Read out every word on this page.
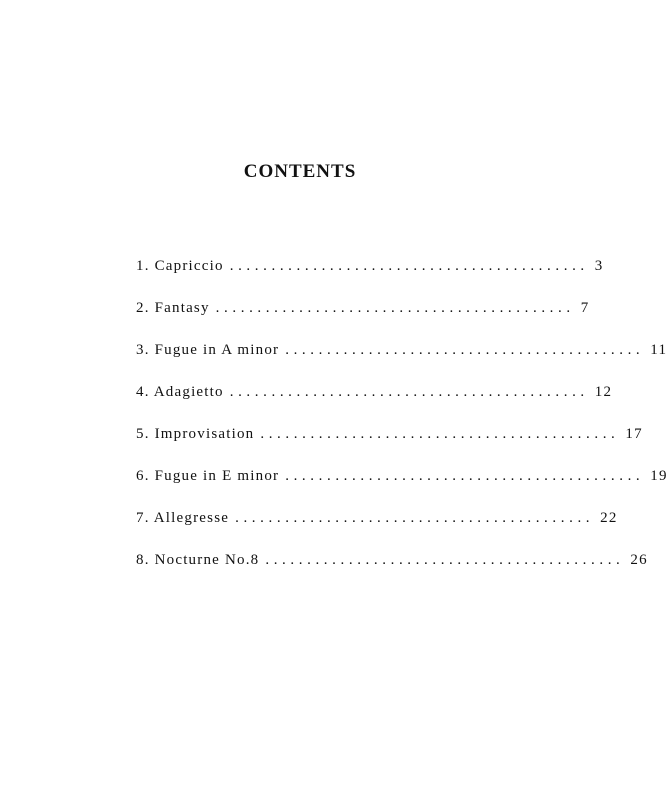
CONTENTS
1. Capriccio ........................................... 3
2. Fantasy ........................................... 7
3. Fugue in A minor ........................................... 11
4. Adagietto ........................................... 12
5. Improvisation ........................................... 17
6. Fugue in E minor ........................................... 19
7. Allegresse ........................................... 22
8. Nocturne No.8 ........................................... 26
